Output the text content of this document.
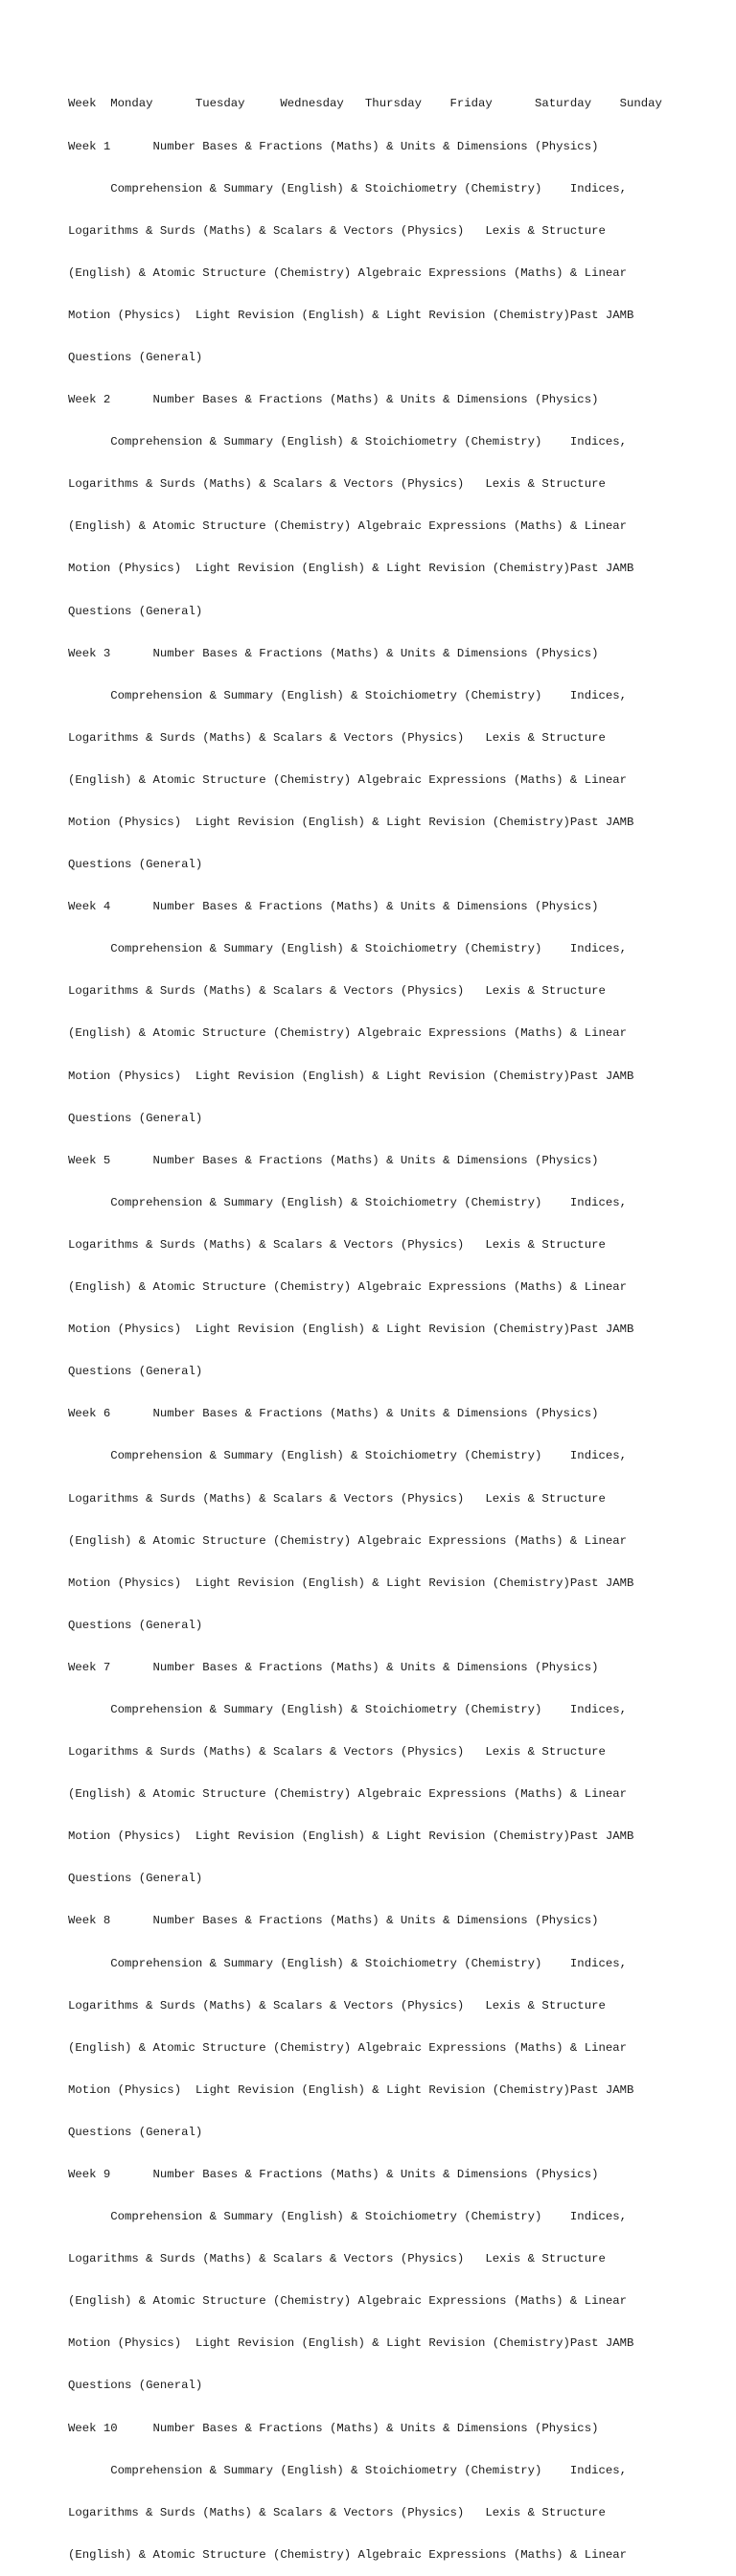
Week  Monday      Tuesday     Wednesday   Thursday    Friday      Saturday    Sunday

Week 1      Number Bases & Fractions (Maths) & Units & Dimensions (Physics)

Comprehension & Summary (English) & Stoichiometry (Chemistry)    Indices,

Logarithms & Surds (Maths) & Scalars & Vectors (Physics)   Lexis & Structure

(English) & Atomic Structure (Chemistry) Algebraic Expressions (Maths) & Linear

Motion (Physics)  Light Revision (English) & Light Revision (Chemistry)Past JAMB

Questions (General)

Week 2      Number Bases & Fractions (Maths) & Units & Dimensions (Physics)

Comprehension & Summary (English) & Stoichiometry (Chemistry)    Indices,

Logarithms & Surds (Maths) & Scalars & Vectors (Physics)   Lexis & Structure

(English) & Atomic Structure (Chemistry) Algebraic Expressions (Maths) & Linear

Motion (Physics)  Light Revision (English) & Light Revision (Chemistry)Past JAMB

Questions (General)

Week 3      Number Bases & Fractions (Maths) & Units & Dimensions (Physics)

Comprehension & Summary (English) & Stoichiometry (Chemistry)    Indices,

Logarithms & Surds (Maths) & Scalars & Vectors (Physics)   Lexis & Structure

(English) & Atomic Structure (Chemistry) Algebraic Expressions (Maths) & Linear

Motion (Physics)  Light Revision (English) & Light Revision (Chemistry)Past JAMB

Questions (General)

Week 4      Number Bases & Fractions (Maths) & Units & Dimensions (Physics)

Comprehension & Summary (English) & Stoichiometry (Chemistry)    Indices,

Logarithms & Surds (Maths) & Scalars & Vectors (Physics)   Lexis & Structure

(English) & Atomic Structure (Chemistry) Algebraic Expressions (Maths) & Linear

Motion (Physics)  Light Revision (English) & Light Revision (Chemistry)Past JAMB

Questions (General)

Week 5      Number Bases & Fractions (Maths) & Units & Dimensions (Physics)

Comprehension & Summary (English) & Stoichiometry (Chemistry)    Indices,

Logarithms & Surds (Maths) & Scalars & Vectors (Physics)   Lexis & Structure

(English) & Atomic Structure (Chemistry) Algebraic Expressions (Maths) & Linear

Motion (Physics)  Light Revision (English) & Light Revision (Chemistry)Past JAMB

Questions (General)

Week 6      Number Bases & Fractions (Maths) & Units & Dimensions (Physics)

Comprehension & Summary (English) & Stoichiometry (Chemistry)    Indices,

Logarithms & Surds (Maths) & Scalars & Vectors (Physics)   Lexis & Structure

(English) & Atomic Structure (Chemistry) Algebraic Expressions (Maths) & Linear

Motion (Physics)  Light Revision (English) & Light Revision (Chemistry)Past JAMB

Questions (General)

Week 7      Number Bases & Fractions (Maths) & Units & Dimensions (Physics)

Comprehension & Summary (English) & Stoichiometry (Chemistry)    Indices,

Logarithms & Surds (Maths) & Scalars & Vectors (Physics)   Lexis & Structure

(English) & Atomic Structure (Chemistry) Algebraic Expressions (Maths) & Linear

Motion (Physics)  Light Revision (English) & Light Revision (Chemistry)Past JAMB

Questions (General)

Week 8      Number Bases & Fractions (Maths) & Units & Dimensions (Physics)

Comprehension & Summary (English) & Stoichiometry (Chemistry)    Indices,

Logarithms & Surds (Maths) & Scalars & Vectors (Physics)   Lexis & Structure

(English) & Atomic Structure (Chemistry) Algebraic Expressions (Maths) & Linear

Motion (Physics)  Light Revision (English) & Light Revision (Chemistry)Past JAMB

Questions (General)

Week 9      Number Bases & Fractions (Maths) & Units & Dimensions (Physics)

Comprehension & Summary (English) & Stoichiometry (Chemistry)    Indices,

Logarithms & Surds (Maths) & Scalars & Vectors (Physics)   Lexis & Structure

(English) & Atomic Structure (Chemistry) Algebraic Expressions (Maths) & Linear

Motion (Physics)  Light Revision (English) & Light Revision (Chemistry)Past JAMB

Questions (General)

Week 10     Number Bases & Fractions (Maths) & Units & Dimensions (Physics)

Comprehension & Summary (English) & Stoichiometry (Chemistry)    Indices,

Logarithms & Surds (Maths) & Scalars & Vectors (Physics)   Lexis & Structure

(English) & Atomic Structure (Chemistry) Algebraic Expressions (Maths) & Linear
